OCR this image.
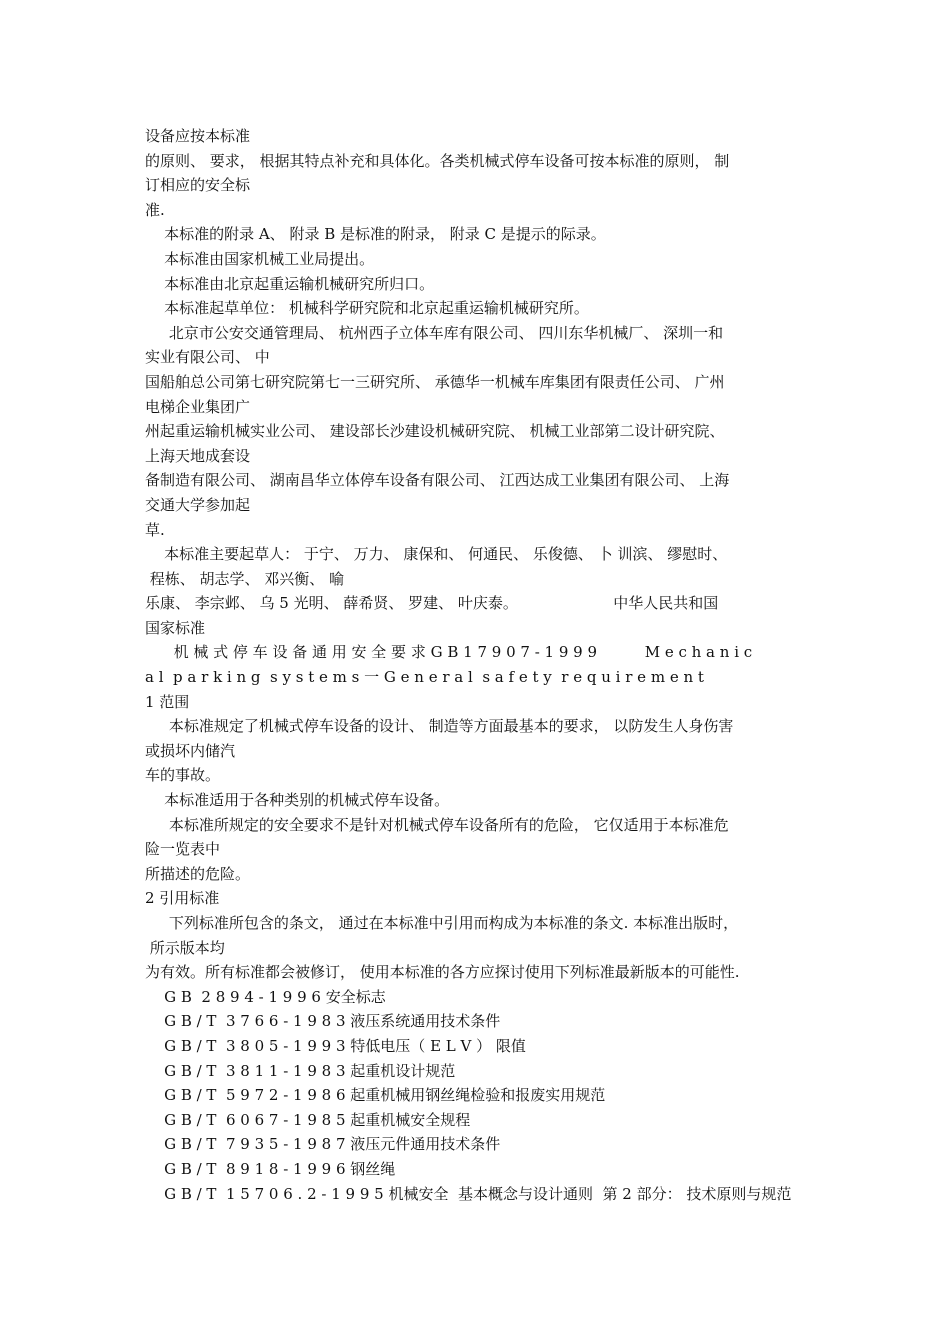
设备应按本标准
的原则、 要求， 根据其特点补充和具体化。各类机械式停车设备可按本标准的原则， 制
订相应的安全标
准.
本标准的附录 A、 附录 B 是标准的附录， 附录 C 是提示的际录。
本标准由国家机械工业局提出。
本标准由北京起重运输机械研究所归口。
本标准起草单位： 机械科学研究院和北京起重运输机械研究所。
北京市公安交通管理局、 杭州西子立体车库有限公司、 四川东华机械厂、 深圳一和
实业有限公司、 中
国船舶总公司第七研究院第七一三研究所、 承德华一机械车库集团有限责任公司、 广州
电梯企业集团广
州起重运输机械实业公司、 建设部长沙建设机械研究院、 机械工业部第二设计研究院、
上海天地成套设
备制造有限公司、 湖南昌华立体停车设备有限公司、 江西达成工业集团有限公司、 上海
交通大学参加起
草.
本标准主要起草人： 于宁、 万力、 康保和、 何通民、 乐俊德、 卜 训滨、 缪慰时、
程栋、 胡志学、 邓兴衡、 喻
乐康、 李宗邺、 乌 5 光明、 薛希贤、 罗建、 叶庆泰。                    中华人民共和国
国家标准
机 械 式 停 车 设 备 通 用 安 全 要 求 G B 1 7 9 0 7 - 1 9 9 9          M e c h a n i c
a l  p a r k i n g  s y s t e m s 一 G e n e r a l  s a f e t y  r e q u i r e m e n t
1 范围
本标准规定了机械式停车设备的设计、 制造等方面最基本的要求， 以防发生人身伤害
或损坏内储汽
车的事故。
本标准适用于各种类别的机械式停车设备。
本标准所规定的安全要求不是针对机械式停车设备所有的危险， 它仅适用于本标准危
险一览表中
所描述的危险。
2 引用标准
下列标准所包含的条文， 通过在本标准中引用而构成为本标准的条文. 本标准出版时，
所示版本均
为有效。所有标准都会被修订， 使用本标准的各方应探讨使用下列标准最新版本的可能性.
G B  2 8 9 4 - 1 9 9 6 安全标志
G B / T  3 7 6 6 - 1 9 8 3 液压系统通用技术条件
G B / T  3 8 0 5 - 1 9 9 3 特低电压（ E L V ） 限值
G B / T  3 8 1 1 - 1 9 8 3 起重机设计规范
G B / T  5 9 7 2 - 1 9 8 6 起重机械用钢丝绳检验和报废实用规范
G B / T  6 0 6 7 - 1 9 8 5 起重机械安全规程
G B / T  7 9 3 5 - 1 9 8 7 液压元件通用技术条件
G B / T  8 9 1 8 - 1 9 9 6 钢丝绳
G B / T  1 5 7 0 6 . 2 - 1 9 9 5 机械安全  基本概念与设计通则  第 2 部分： 技术原则与规范
